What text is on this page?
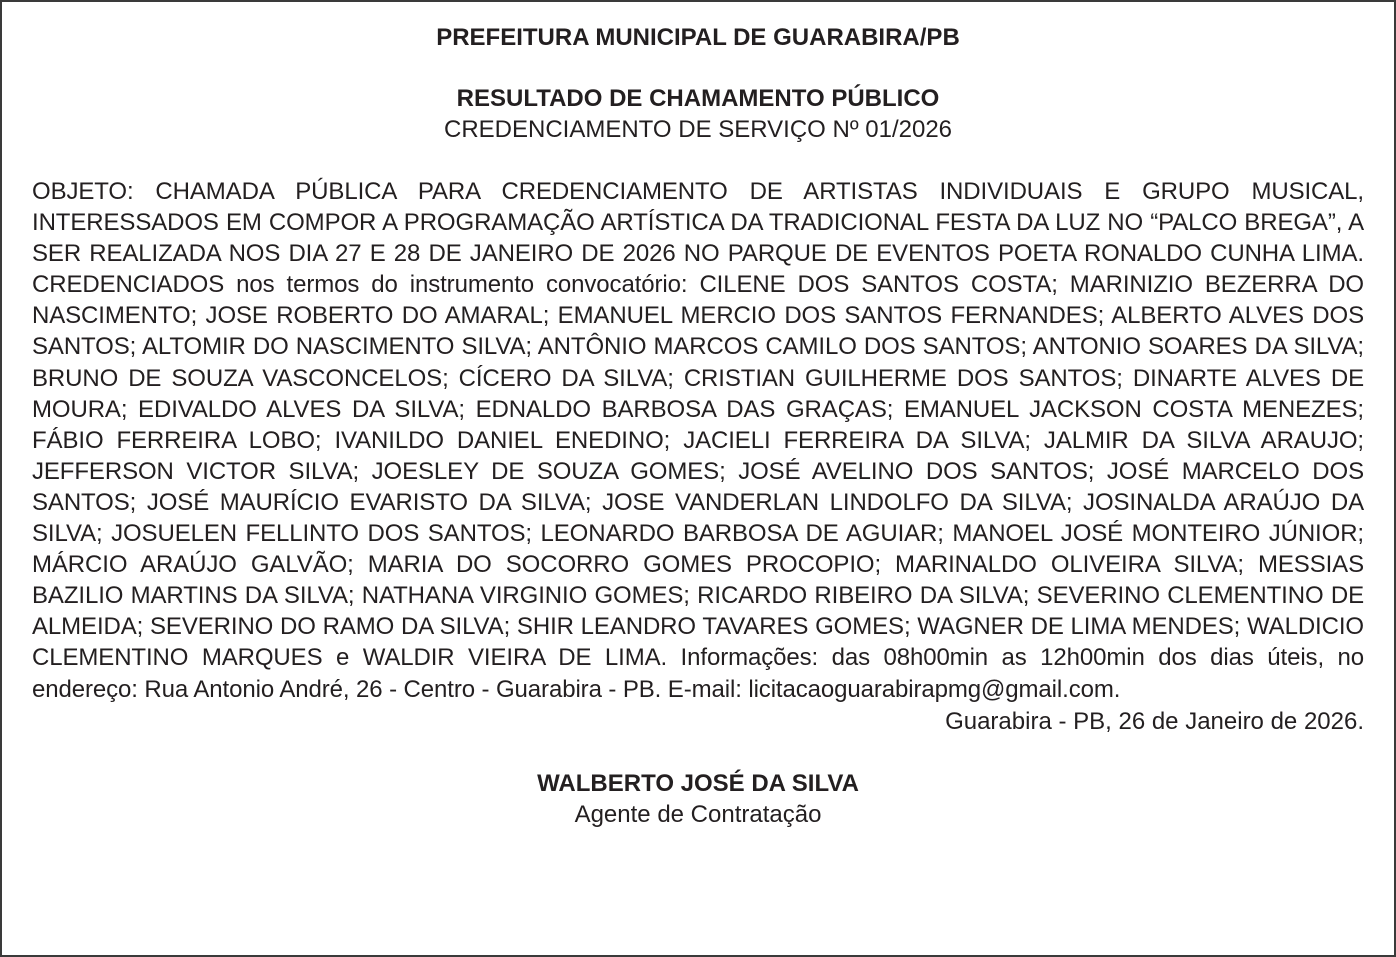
PREFEITURA MUNICIPAL DE GUARABIRA/PB
RESULTADO DE CHAMAMENTO PÚBLICO
CREDENCIAMENTO DE SERVIÇO Nº 01/2026
OBJETO: CHAMADA PÚBLICA PARA CREDENCIAMENTO DE ARTISTAS INDIVIDUAIS E GRUPO MUSICAL, INTERESSADOS EM COMPOR A PROGRAMAÇÃO ARTÍSTICA DA TRADICIONAL FESTA DA LUZ NO “PALCO BREGA”, A SER REALIZADA NOS DIA 27 E 28 DE JANEIRO DE 2026 NO PARQUE DE EVENTOS POETA RONALDO CUNHA LIMA. CREDENCIADOS nos termos do instrumento convocatório: CILENE DOS SANTOS COSTA; MARINIZIO BEZERRA DO NASCIMENTO; JOSE ROBERTO DO AMARAL; EMANUEL MERCIO DOS SANTOS FERNANDES; ALBERTO ALVES DOS SANTOS; ALTOMIR DO NASCIMENTO SILVA; ANTÔNIO MARCOS CAMILO DOS SANTOS; ANTONIO SOARES DA SILVA; BRUNO DE SOUZA VASCONCELOS; CÍCERO DA SILVA; CRISTIAN GUILHERME DOS SANTOS; DINARTE ALVES DE MOURA; EDIVALDO ALVES DA SILVA; EDNALDO BARBOSA DAS GRAÇAS; EMANUEL JACKSON COSTA MENEZES; FÁBIO FERREIRA LOBO; IVANILDO DANIEL ENEDINO; JACIELI FERREIRA DA SILVA; JALMIR DA SILVA ARAUJO; JEFFERSON VICTOR SILVA; JOESLEY DE SOUZA GOMES; JOSÉ AVELINO DOS SANTOS; JOSÉ MARCELO DOS SANTOS; JOSÉ MAURÍCIO EVARISTO DA SILVA; JOSE VANDERLAN LINDOLFO DA SILVA; JOSINALDA ARAÚJO DA SILVA; JOSUELEN FELLINTO DOS SANTOS; LEONARDO BARBOSA DE AGUIAR; MANOEL JOSÉ MONTEIRO JÚNIOR; MÁRCIO ARAÚJO GALVÃO; MARIA DO SOCORRO GOMES PROCOPIO; MARINALDO OLIVEIRA SILVA; MESSIAS BAZILIO MARTINS DA SILVA; NATHANA VIRGINIO GOMES; RICARDO RIBEIRO DA SILVA; SEVERINO CLEMENTINO DE ALMEIDA; SEVERINO DO RAMO DA SILVA; SHIR LEANDRO TAVARES GOMES; WAGNER DE LIMA MENDES; WALDICIO CLEMENTINO MARQUES e WALDIR VIEIRA DE LIMA. Informações: das 08h00min as 12h00min dos dias úteis, no endereço: Rua Antonio André, 26 - Centro - Guarabira - PB. E-mail: licitacaoguarabirapmg@gmail.com.
Guarabira - PB, 26 de Janeiro de 2026.
WALBERTO JOSÉ DA SILVA
Agente de Contratação
